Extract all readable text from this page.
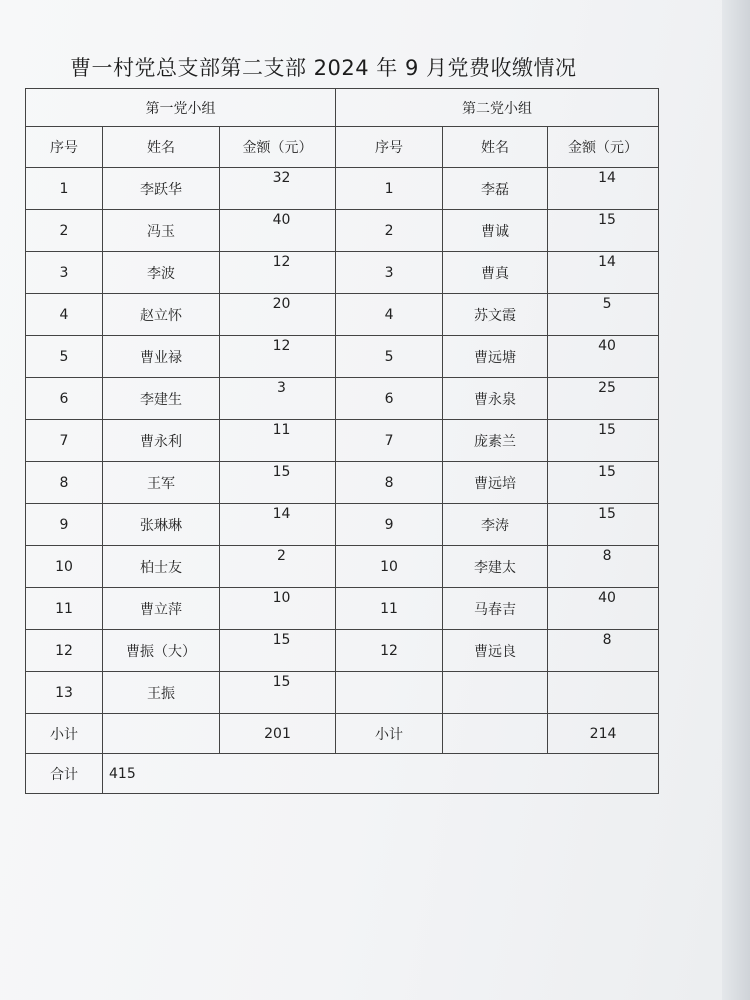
曹一村党总支部第二支部 2024 年 9 月党费收缴情况
第一党小组			第二党小组		
序号	姓名	金额（元）	序号	姓名	金额（元）
1	李跃华	32	1	李磊	14
2	冯玉	40	2	曹诚	15
3	李波	12	3	曹真	14
4	赵立怀	20	4	苏文霞	5
5	曹业禄	12	5	曹远塘	40
6	李建生	3	6	曹永泉	25
7	曹永利	11	7	庞素兰	15
8	王军	15	8	曹远培	15
9	张琳琳	14	9	李涛	15
10	柏士友	2	10	李建太	8
11	曹立萍	10	11	马春吉	40
12	曹振（大）	15	12	曹远良	8
13	王振	15			
小计		201	小计		214
合计	415				
